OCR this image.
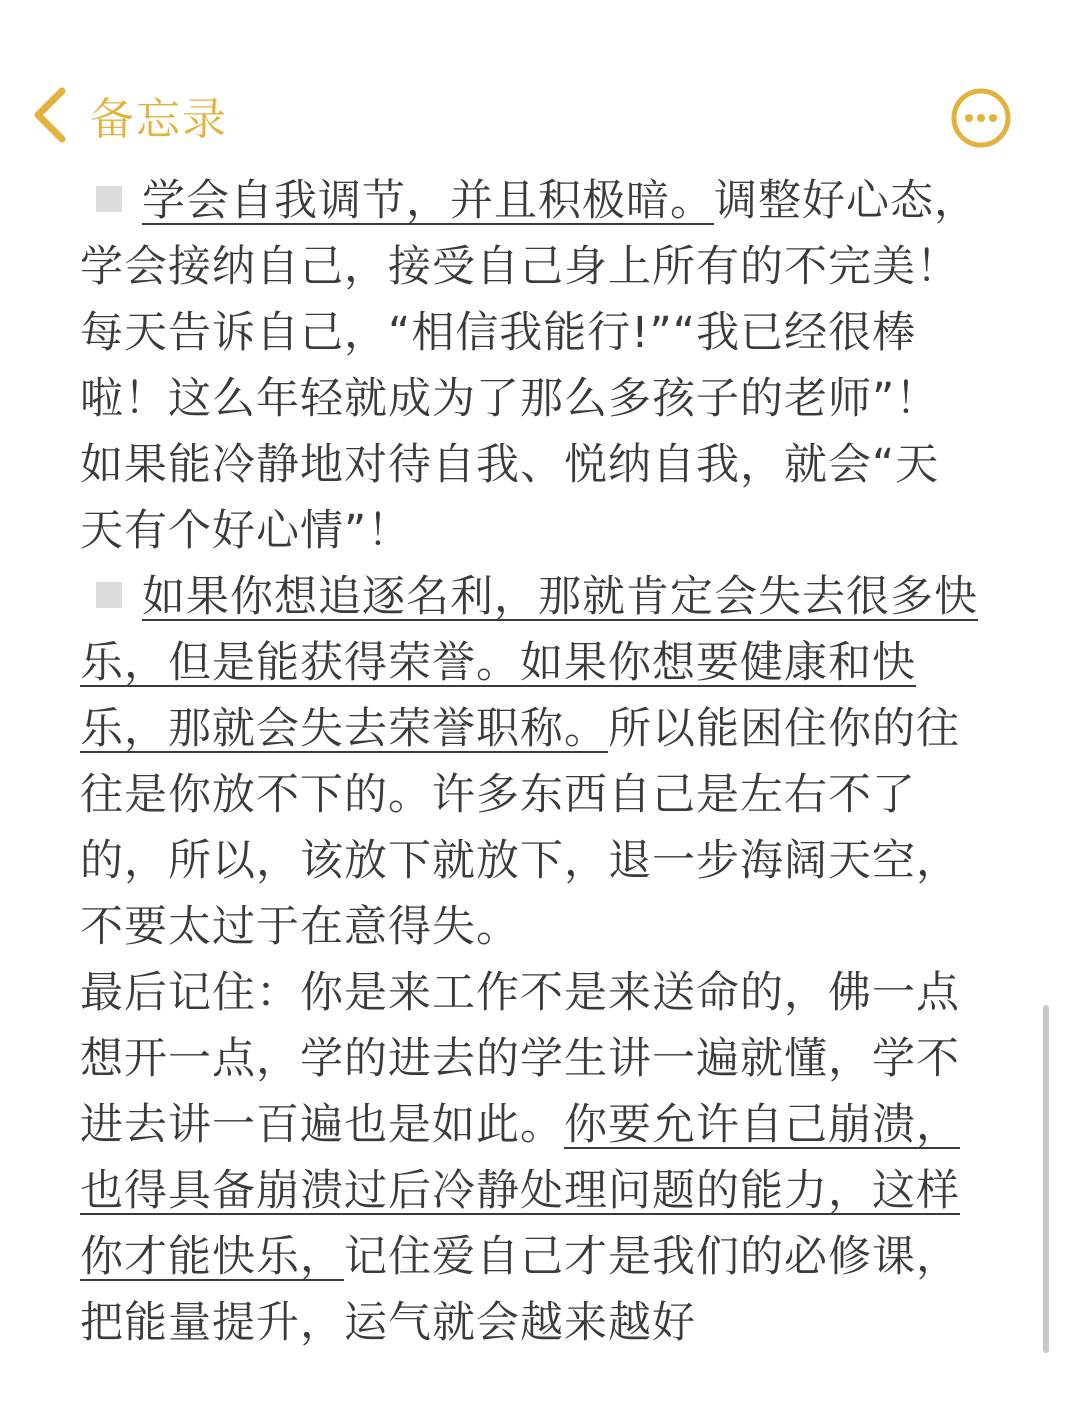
备忘录

学会自我调节，并且积极暗。调整好心态，学会接纳自己，接受自己身上所有的不完美！每天告诉自己，“相信我能行!”“我已经很棒啦！这么年轻就成为了那么多孩子的老师”！如果能冷静地对待自我、悦纳自我，就会“天天有个好心情”！

如果你想追逐名利，那就肯定会失去很多快乐，但是能获得荣誉。如果你想要健康和快乐，那就会失去荣誉职称。所以能困住你的往往是你放不下的。许多东西自己是左右不了的，所以，该放下就放下，退一步海阔天空，不要太过于在意得失。

最后记住：你是来工作不是来送命的，佛一点想开一点，学的进去的学生讲一遍就懂，学不进去讲一百遍也是如此。你要允许自己崩溃，也得具备崩溃过后冷静处理问题的能力，这样你才能快乐，记住爱自己才是我们的必修课，把能量提升，运气就会越来越好
